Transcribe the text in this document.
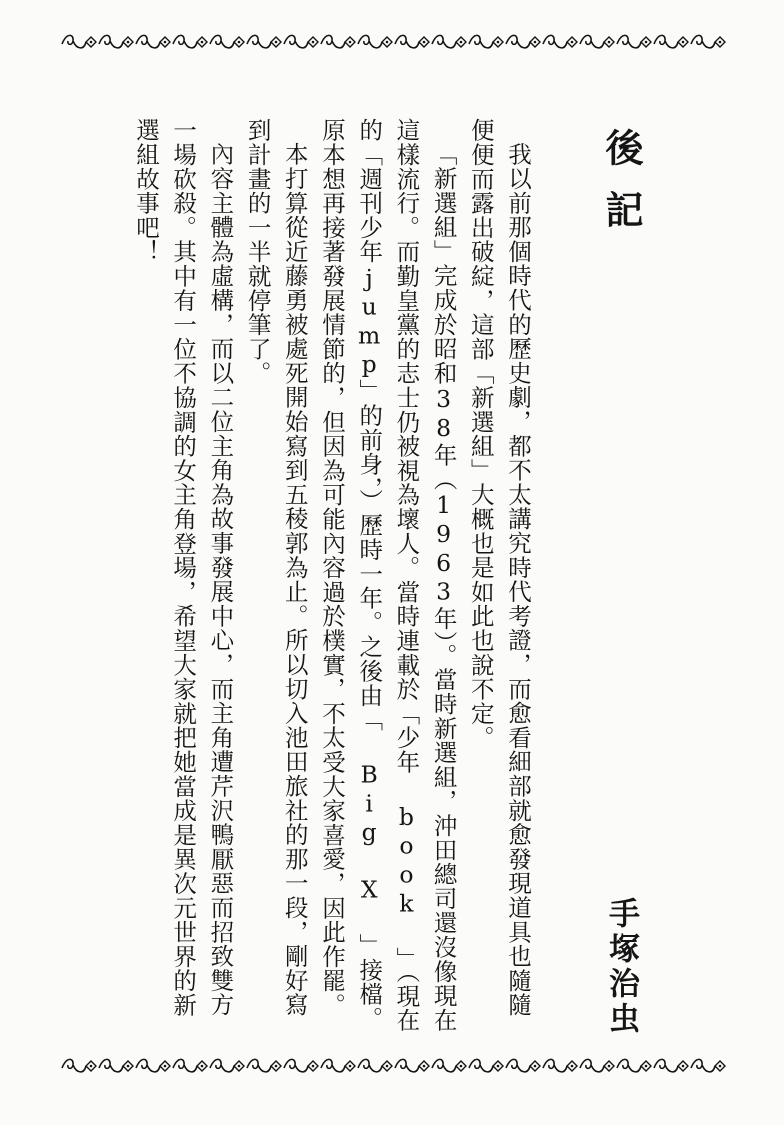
後記

我以前那個時代的歷史劇，都不太講究時代考證，而愈看細部就愈發現道具也隨隨便便而露出破綻，這部「新選組」大概也是如此也說不定。

「新選組」完成於昭和38年（1963年）。當時新選組，沖田總司還沒像現在這樣流行。而勤皇黨的志士仍被視為壞人。當時連載於「少年 book 」（現在的「週刊少年jump」的前身，）歷時一年。之後由「 Big X 」接檔。原本想再接著發展情節的，但因為可能內容過於樸實，不太受大家喜愛，因此作罷。

本打算從近藤勇被處死開始寫到五稜郭為止。所以切入池田旅社的那一段，剛好寫到計畫的一半就停筆了。

內容主體為虛構，而以二位主角為故事發展中心，而主角遭芹沢鴨厭惡而招致雙方一場砍殺。其中有一位不協調的女主角登場，希望大家就把她當成是異次元世界的新選組故事吧！

手塚治虫
